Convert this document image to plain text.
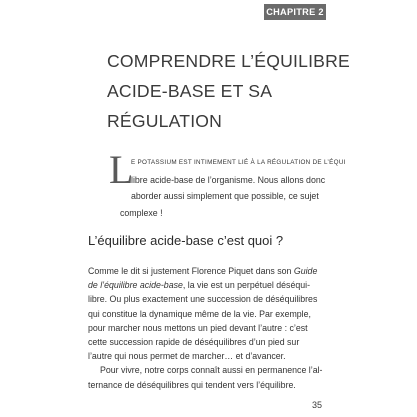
CHAPITRE 2
COMPRENDRE L’ÉQUILIBRE
ACIDE-BASE ET SA
RÉGULATION
L
E POTASSIUM EST INTIMEMENT LIÉ À LA RÉGULATION DE L’ÉQUI
libre acide-base de l’organisme. Nous allons donc
aborder aussi simplement que possible, ce sujet
complexe !
L’équilibre acide-base c’est quoi ?
Comme le dit si justement Florence Piquet dans son Guide
de l’équilibre acide-base, la vie est un perpétuel déséqui-
libre. Ou plus exactement une succession de déséquilibres
qui constitue la dynamique même de la vie. Par exemple,
pour marcher nous mettons un pied devant l’autre : c’est
cette succession rapide de déséquilibres d’un pied sur
l’autre qui nous permet de marcher… et d’avancer.
Pour vivre, notre corps connaît aussi en permanence l’al-
ternance de déséquilibres qui tendent vers l’équilibre.
35
